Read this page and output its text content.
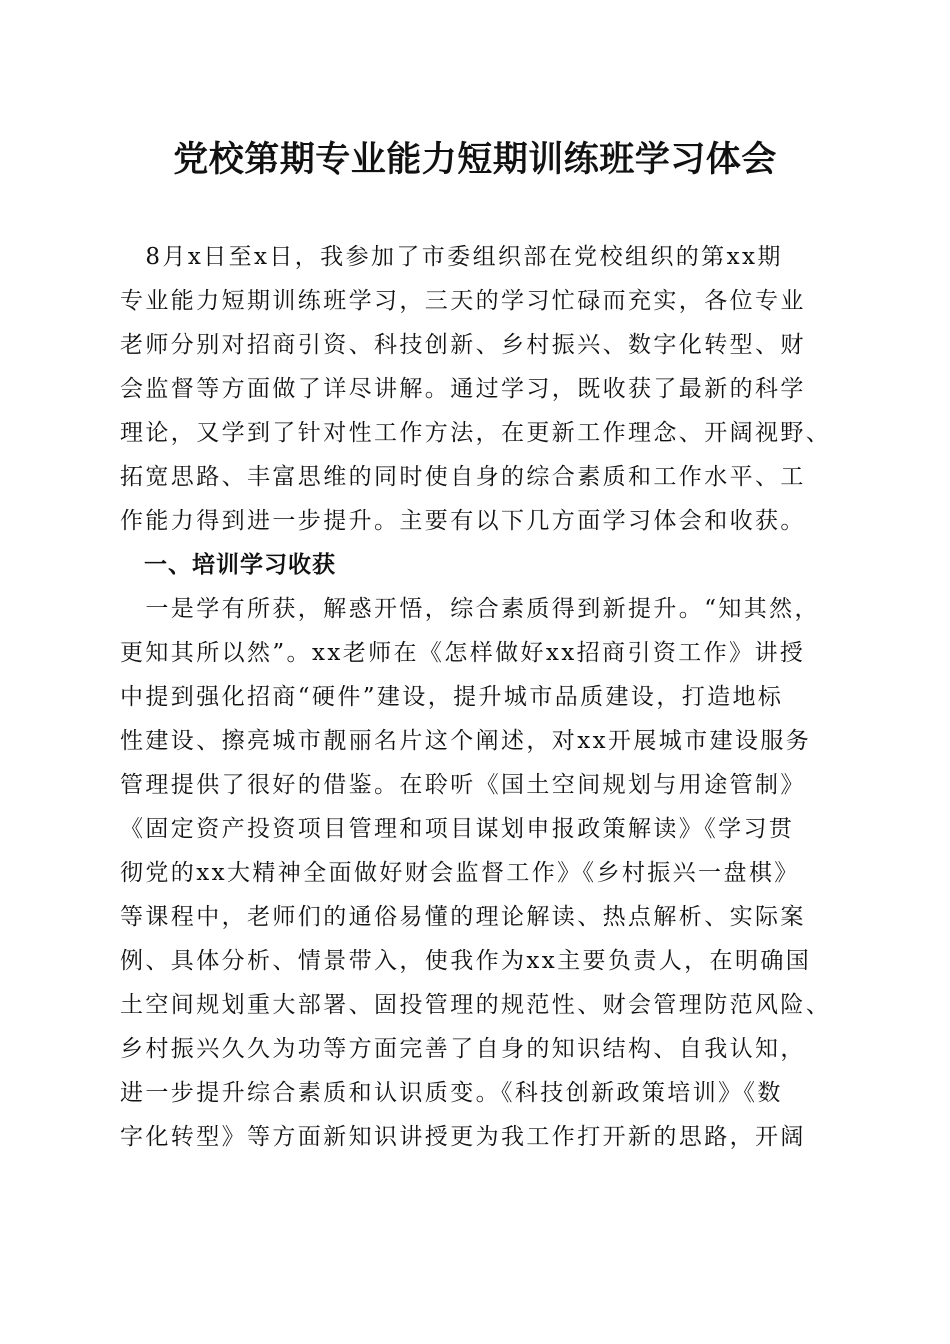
党校第期专业能力短期训练班学习体会
　8月x日至x日，我参加了市委组织部在党校组织的第xx期
专业能力短期训练班学习，三天的学习忙碌而充实，各位专业
老师分别对招商引资、科技创新、乡村振兴、数字化转型、财
会监督等方面做了详尽讲解。通过学习，既收获了最新的科学
理论，又学到了针对性工作方法，在更新工作理念、开阔视野、
拓宽思路、丰富思维的同时使自身的综合素质和工作水平、工
作能力得到进一步提升。主要有以下几方面学习体会和收获。
　一、培训学习收获
　一是学有所获，解惑开悟，综合素质得到新提升。“知其然，
更知其所以然”。xx老师在《怎样做好xx招商引资工作》讲授
中提到强化招商“硬件”建设，提升城市品质建设，打造地标
性建设、擦亮城市靓丽名片这个阐述，对xx开展城市建设服务
管理提供了很好的借鉴。在聆听《国土空间规划与用途管制》
《固定资产投资项目管理和项目谋划申报政策解读》《学习贯
彻党的xx大精神全面做好财会监督工作》《乡村振兴一盘棋》
等课程中，老师们的通俗易懂的理论解读、热点解析、实际案
例、具体分析、情景带入，使我作为xx主要负责人，在明确国
土空间规划重大部署、固投管理的规范性、财会管理防范风险、
乡村振兴久久为功等方面完善了自身的知识结构、自我认知，
进一步提升综合素质和认识质变。《科技创新政策培训》《数
字化转型》等方面新知识讲授更为我工作打开新的思路，开阔
